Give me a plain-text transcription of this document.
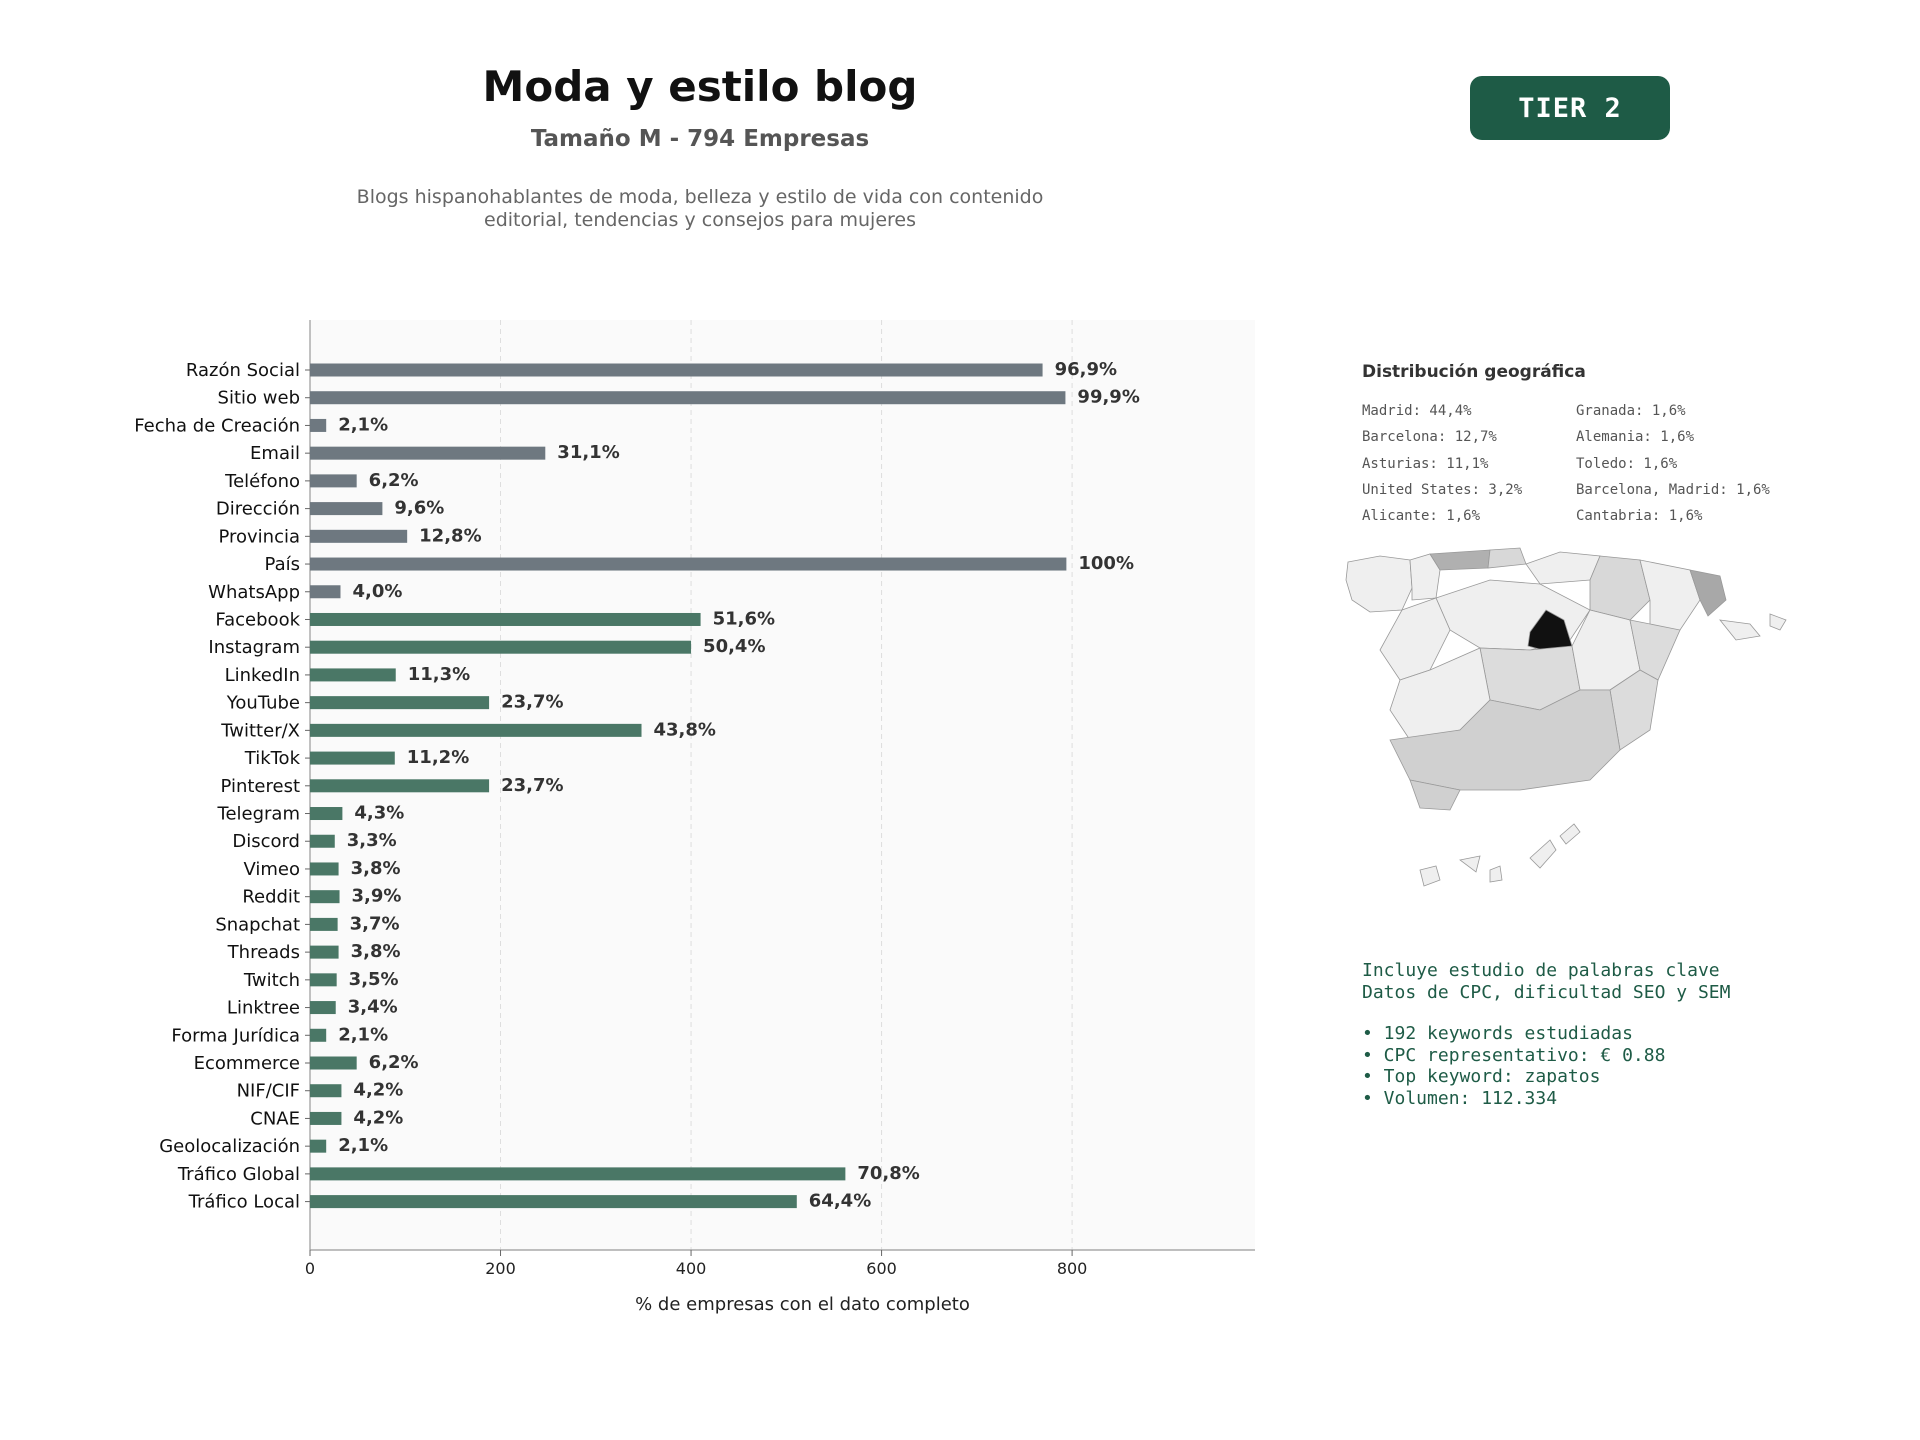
Moda y estilo blog
Tamaño M - 794 Empresas
Blogs hispanohablantes de moda, belleza y estilo de vida con contenido
editorial, tendencias y consejos para mujeres
TIER 2
0	200	400	600	800
% de empresas con el dato completo
Razón Social	96,9%
Sitio web	99,9%
Fecha de Creación 2,1%
Email	31,1%
Teléfono	6,2%
Dirección	9,6%
Provincia	12,8%
País	100%
WhatsApp	4,0%
Facebook	51,6%
Instagram	50,4%
LinkedIn	11,3%
YouTube	23,7%
Twitter/X	43,8%
TikTok	11,2%
Pinterest	23,7%
Telegram	4,3%
Discord	3,3%
Vimeo	3,8%
Reddit	3,9%
Snapchat	3,7%
Threads	3,8%
Twitch	3,5%
Linktree	3,4%
Forma Jurídica 2,1%
Ecommerce	6,2%
NIF/CIF	4,2%
CNAE	4,2%
Geolocalización 2,1%
Tráfico Global	70,8%
Tráfico Local	64,4%
Distribución geográfica
Madrid: 44,4%
Barcelona: 12,7%
Asturias: 11,1%
United States: 3,2%
Alicante: 1,6%
Granada: 1,6%
Alemania: 1,6%
Toledo: 1,6%
Barcelona, Madrid: 1,6%
Cantabria: 1,6%
Incluye estudio de palabras clave
Datos de CPC, dificultad SEO y SEM
• 192 keywords estudiadas
• CPC representativo: € 0.88
• Top keyword: zapatos
• Volumen: 112.334
